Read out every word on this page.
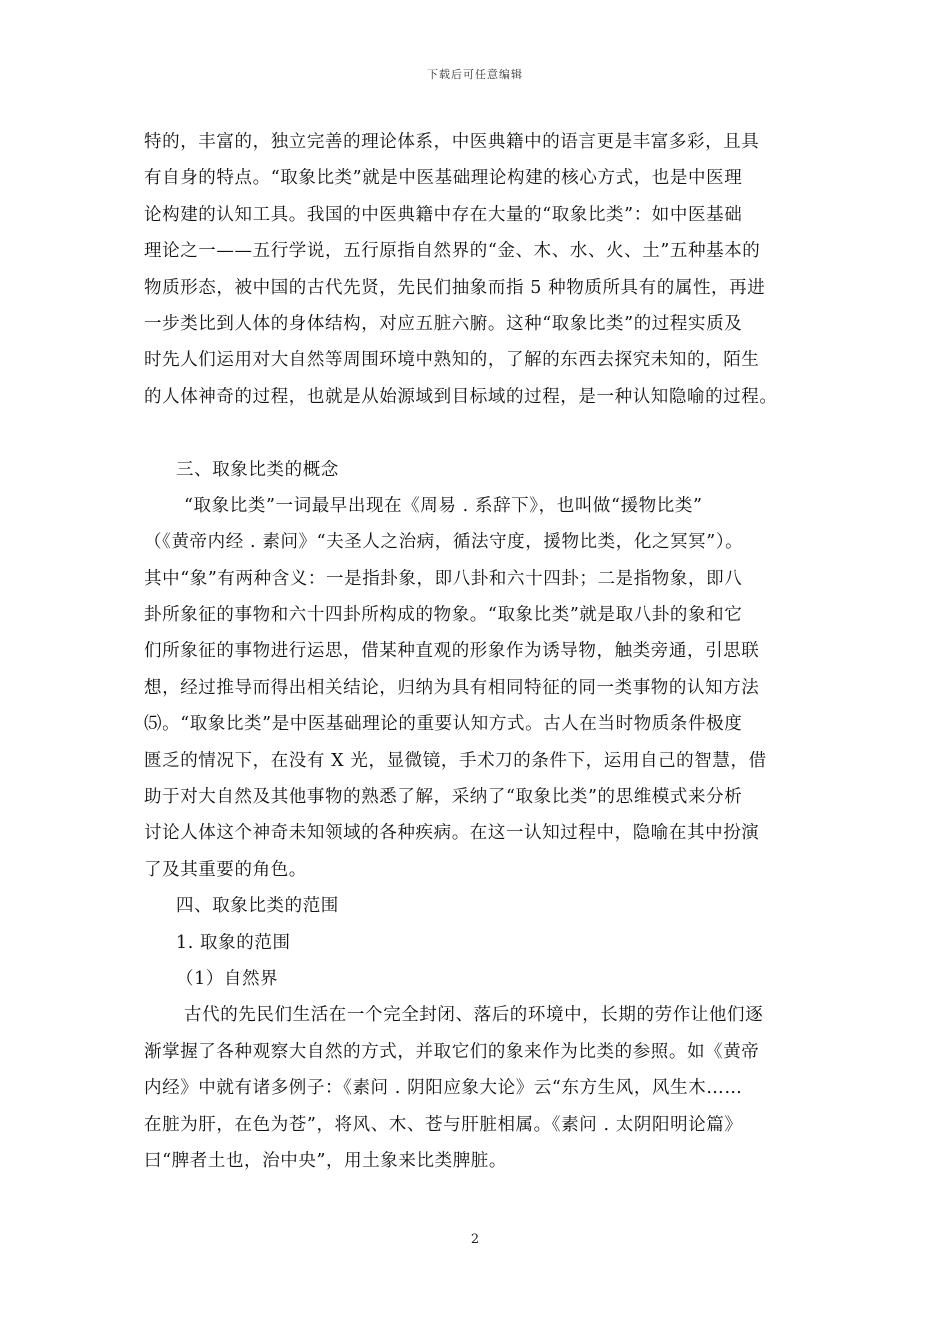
下载后可任意编辑
特的，丰富的，独立完善的理论体系，中医典籍中的语言更是丰富多彩，且具
有自身的特点。“取象比类”就是中医基础理论构建的核心方式，也是中医理
论构建的认知工具。我国的中医典籍中存在大量的“取象比类”：如中医基础
理论之一——五行学说，五行原指自然界的“金、木、水、火、土”五种基本的
物质形态，被中国的古代先贤，先民们抽象而指 5 种物质所具有的属性，再进
一步类比到人体的身体结构，对应五脏六腑。这种“取象比类”的过程实质及
时先人们运用对大自然等周围环境中熟知的，了解的东西去探究未知的，陌生
的人体神奇的过程，也就是从始源域到目标域的过程，是一种认知隐喻的过程。
三、取象比类的概念
“取象比类”一词最早出现在《周易 . 系辞下》，也叫做“援物比类”
（《黄帝内经 . 素问》“夫圣人之治病，循法守度，援物比类，化之冥冥”）。
其中“象”有两种含义：一是指卦象，即八卦和六十四卦；二是指物象，即八
卦所象征的事物和六十四卦所构成的物象。“取象比类”就是取八卦的象和它
们所象征的事物进行运思，借某种直观的形象作为诱导物，触类旁通，引思联
想，经过推导而得出相关结论，归纳为具有相同特征的同一类事物的认知方法
⑸。“取象比类”是中医基础理论的重要认知方式。古人在当时物质条件极度
匮乏的情况下，在没有 X 光，显微镜，手术刀的条件下，运用自己的智慧，借
助于对大自然及其他事物的熟悉了解，采纳了“取象比类”的思维模式来分析
讨论人体这个神奇未知领域的各种疾病。在这一认知过程中，隐喻在其中扮演
了及其重要的角色。
四、取象比类的范围
1. 取象的范围
（1）自然界
古代的先民们生活在一个完全封闭、落后的环境中，长期的劳作让他们逐
渐掌握了各种观察大自然的方式，并取它们的象来作为比类的参照。如《黄帝
内经》中就有诸多例子：《素问 . 阴阳应象大论》云“东方生风，风生木……
在脏为肝，在色为苍”，将风、木、苍与肝脏相属。《素问 . 太阴阳明论篇》
曰“脾者土也，治中央”，用土象来比类脾脏。
2
